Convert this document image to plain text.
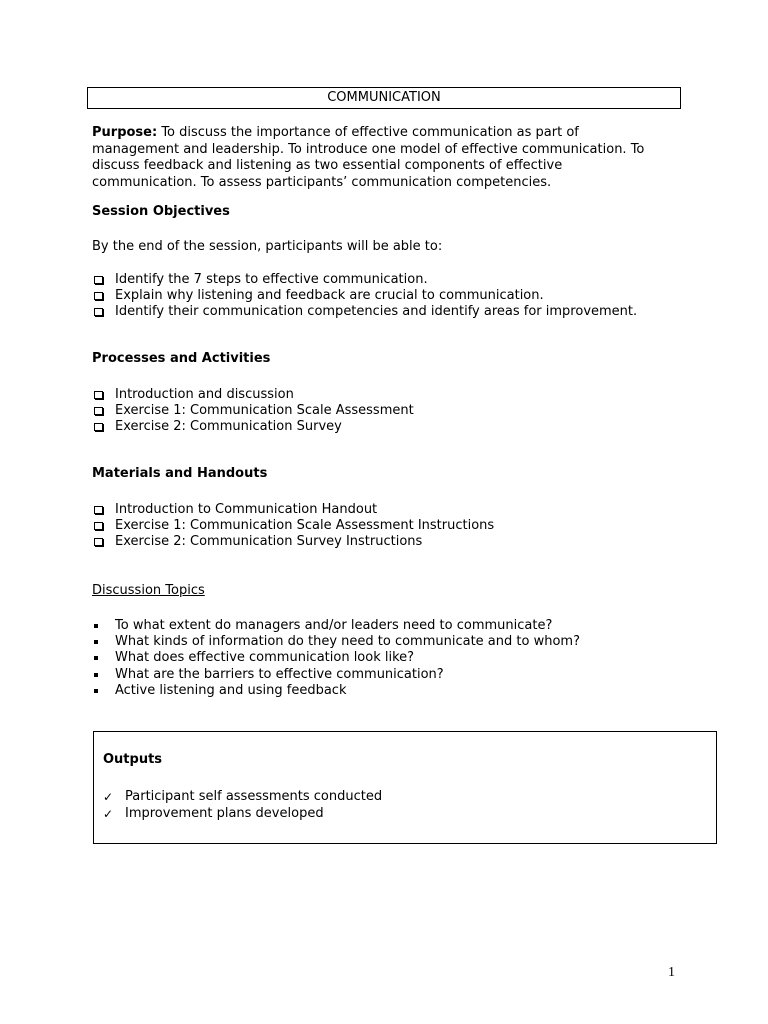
COMMUNICATION
Purpose: To discuss the importance of effective communication as part of management and leadership. To introduce one model of effective communication. To discuss feedback and listening as two essential components of effective communication. To assess participants’ communication competencies.
Session Objectives
By the end of the session, participants will be able to:
Identify the 7 steps to effective communication.
Explain why listening and feedback are crucial to communication.
Identify their communication competencies and identify areas for improvement.
Processes and Activities
Introduction and discussion
Exercise 1: Communication Scale Assessment
Exercise 2: Communication Survey
Materials and Handouts
Introduction to Communication Handout
Exercise 1: Communication Scale Assessment Instructions
Exercise 2: Communication Survey Instructions
Discussion Topics
To what extent do managers and/or leaders need to communicate?
What kinds of information do they need to communicate and to whom?
What does effective communication look like?
What are the barriers to effective communication?
Active listening and using feedback
Outputs
✓ Participant self assessments conducted
✓ Improvement plans developed
1
